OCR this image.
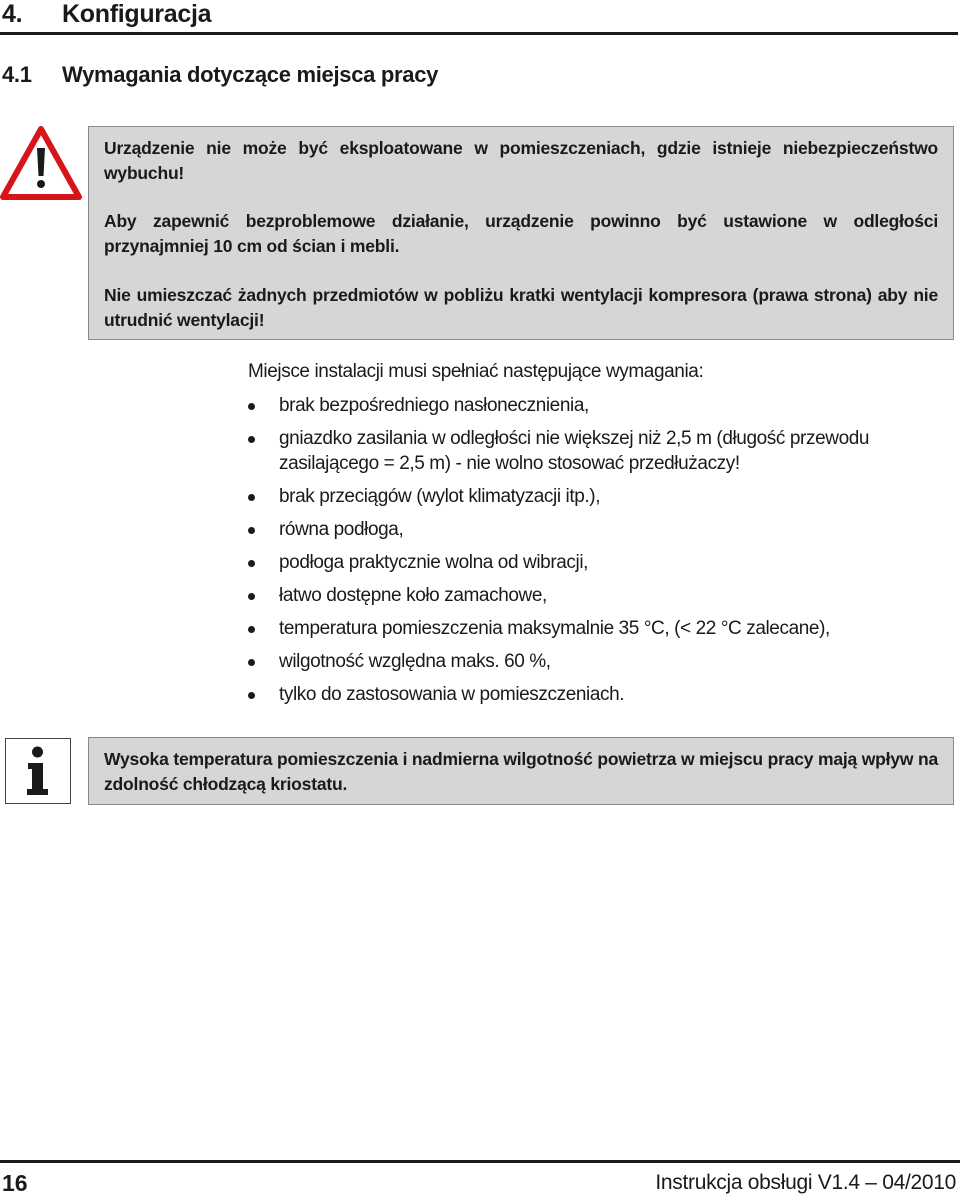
4. Konfiguracja
4.1 Wymagania dotyczące miejsca pracy
Urządzenie nie może być eksploatowane w pomieszczeniach, gdzie istnieje niebezpieczeństwo wybuchu!
Aby zapewnić bezproblemowe działanie, urządzenie powinno być ustawione w odległości przynajmniej 10 cm od ścian i mebli.
Nie umieszczać żadnych przedmiotów w pobliżu kratki wentylacji kompresora (prawa strona) aby nie utrudnić wentylacji!
Miejsce instalacji musi spełniać następujące wymagania:
brak bezpośredniego nasłonecznienia,
gniazdko zasilania w odległości nie większej niż 2,5 m (długość przewodu zasilającego = 2,5 m) - nie wolno stosować przedłużaczy!
brak przeciągów (wylot klimatyzacji itp.),
równa podłoga,
podłoga praktycznie wolna od wibracji,
łatwo dostępne koło zamachowe,
temperatura pomieszczenia maksymalnie 35 °C, (< 22 °C zalecane),
wilgotność względna maks. 60 %,
tylko do zastosowania w pomieszczeniach.
Wysoka temperatura pomieszczenia i nadmierna wilgotność powietrza w miejscu pracy mają wpływ na zdolność chłodzącą kriostatu.
16	Instrukcja obsługi V1.4 – 04/2010
